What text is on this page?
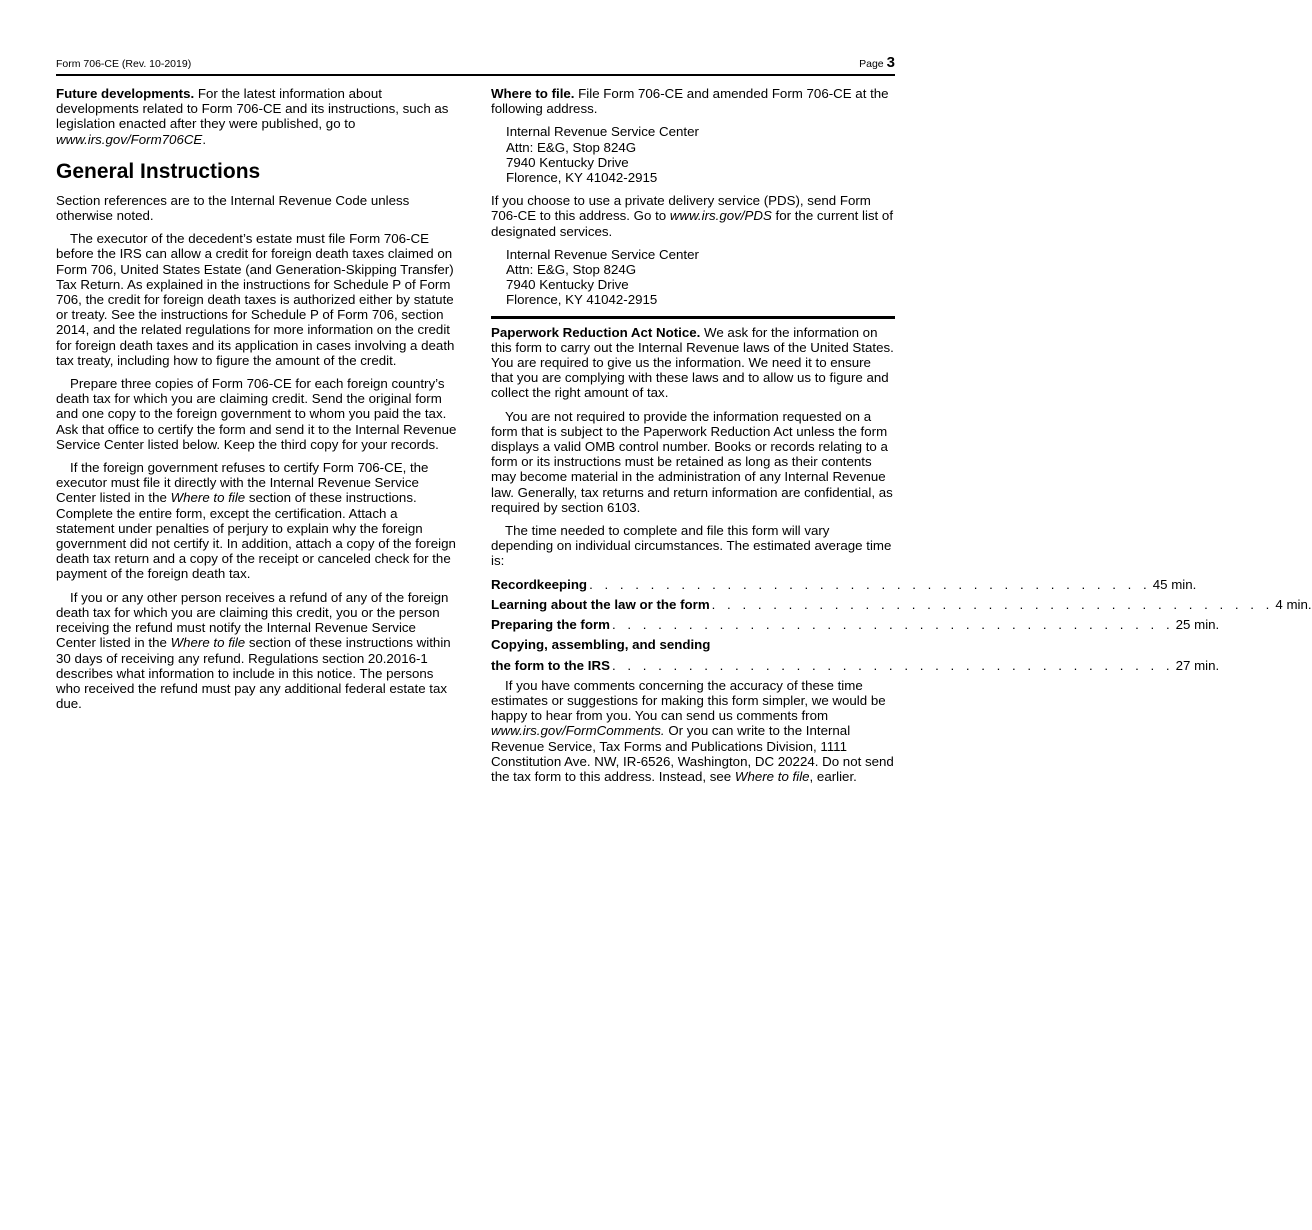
Form 706-CE (Rev. 10-2019)	Page 3

Future developments. For the latest information about developments related to Form 706-CE and its instructions, such as legislation enacted after they were published, go to www.irs.gov/Form706CE.

General Instructions

Section references are to the Internal Revenue Code unless otherwise noted.

The executor of the decedent’s estate must file Form 706-CE before the IRS can allow a credit for foreign death taxes claimed on Form 706, United States Estate (and Generation-Skipping Transfer) Tax Return. As explained in the instructions for Schedule P of Form 706, the credit for foreign death taxes is authorized either by statute or treaty. See the instructions for Schedule P of Form 706, section 2014, and the related regulations for more information on the credit for foreign death taxes and its application in cases involving a death tax treaty, including how to figure the amount of the credit.

Prepare three copies of Form 706-CE for each foreign country’s death tax for which you are claiming credit. Send the original form and one copy to the foreign government to whom you paid the tax. Ask that office to certify the form and send it to the Internal Revenue Service Center listed below. Keep the third copy for your records.

If the foreign government refuses to certify Form 706-CE, the executor must file it directly with the Internal Revenue Service Center listed in the Where to file section of these instructions. Complete the entire form, except the certification. Attach a statement under penalties of perjury to explain why the foreign government did not certify it. In addition, attach a copy of the foreign death tax return and a copy of the receipt or canceled check for the payment of the foreign death tax.

If you or any other person receives a refund of any of the foreign death tax for which you are claiming this credit, you or the person receiving the refund must notify the Internal Revenue Service Center listed in the Where to file section of these instructions within 30 days of receiving any refund. Regulations section 20.2016-1 describes what information to include in this notice. The persons who received the refund must pay any additional federal estate tax due.

Where to file. File Form 706-CE and amended Form 706-CE at the following address.

Internal Revenue Service Center
Attn: E&G, Stop 824G
7940 Kentucky Drive
Florence, KY 41042-2915

If you choose to use a private delivery service (PDS), send Form 706-CE to this address. Go to www.irs.gov/PDS for the current list of designated services.

Internal Revenue Service Center
Attn: E&G, Stop 824G
7940 Kentucky Drive
Florence, KY 41042-2915

Paperwork Reduction Act Notice. We ask for the information on this form to carry out the Internal Revenue laws of the United States. You are required to give us the information. We need it to ensure that you are complying with these laws and to allow us to figure and collect the right amount of tax.

You are not required to provide the information requested on a form that is subject to the Paperwork Reduction Act unless the form displays a valid OMB control number. Books or records relating to a form or its instructions must be retained as long as their contents may become material in the administration of any Internal Revenue law. Generally, tax returns and return information are confidential, as required by section 6103.

The time needed to complete and file this form will vary depending on individual circumstances. The estimated average time is:

Recordkeeping . . . . . . . . . . . . . . . . . . . . . . . . . . . . . . . . . . . . . 45 min.
Learning about the law or the form . . . . . . . . . . . . . . . . . . . . . . . . . . . . . . . . . . . . . 4 min.
Preparing the form . . . . . . . . . . . . . . . . . . . . . . . . . . . . . . . . . . . . . 25 min.
Copying, assembling, and sending
the form to the IRS . . . . . . . . . . . . . . . . . . . . . . . . . . . . . . . . . . . . . 27 min.

If you have comments concerning the accuracy of these time estimates or suggestions for making this form simpler, we would be happy to hear from you. You can send us comments from www.irs.gov/FormComments. Or you can write to the Internal Revenue Service, Tax Forms and Publications Division, 1111 Constitution Ave. NW, IR-6526, Washington, DC 20224. Do not send the tax form to this address. Instead, see Where to file, earlier.
